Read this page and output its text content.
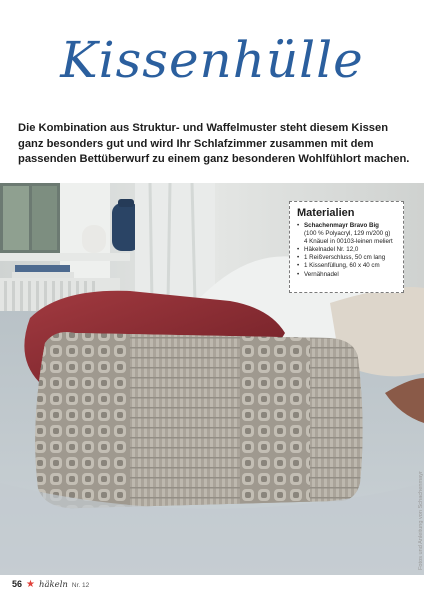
Kissenhülle
Die Kombination aus Struktur- und Waffelmuster steht diesem Kissen ganz besonders gut und wird Ihr Schlafzimmer zusammen mit dem passenden Bettüberwurf zu einem ganz besonderen Wohlfühlort machen.
Materialien
• Schachenmayr Bravo Big
(100 % Polyacryl, 129 m/200 g)
4 Knäuel in 00103-leinen meliert
• Häkelnadel Nr. 12,0
• 1 Reißverschluss, 50 cm lang
• 1 Kissenfüllung, 60 x 40 cm
• Vernähnadel
Fotos und Anleitung von Schachenmayr
56 ★ häkeln Nr. 12
